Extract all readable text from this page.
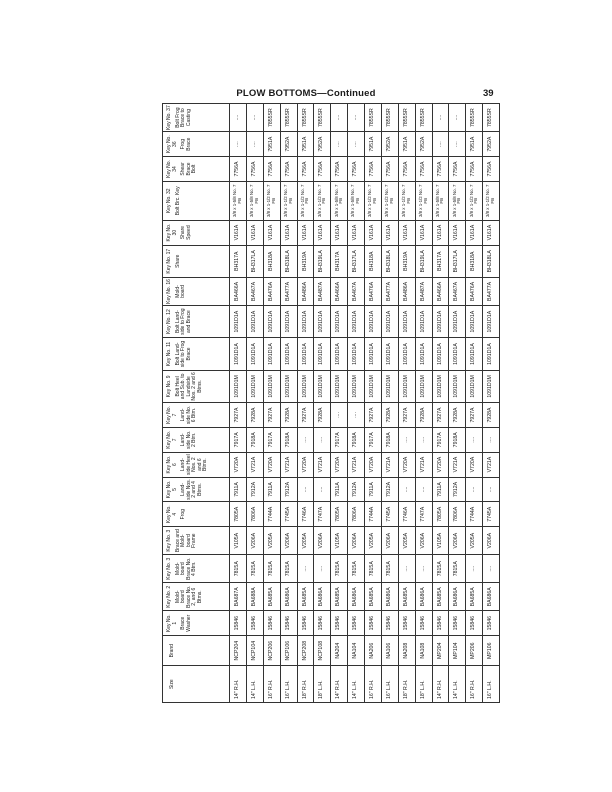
PLOW BOTTOMS—Continued	39
Size	Brand	Key No. 1 Brace Washer	Key No. 2 Mold-board Brace No. 2, and 6 Btms.	Key No. 3 Mold-board Brace No. 4 Btm.	Key No. 3 Brace and Mold-board Frame	Key No. 4 Frog	Key No. 5 Land-side Nos. 2 and 4 Btms.	Key No. 6 Land-side Heel Nos. 2 and 6 Btms.	Key No. 7 Land-side No. 2 Btm.	Key No. 7 Land-side No. 6 Btm.	Key No. 9 Bolt Heel and Sub. to Landside Nos. 2 and 6 Btms.	Key No. 11 Bolt Land-side to Frog Brace	Key No. 12 Bolt Land-side to Frog and Brace	Key No. 16 Mold-board	Key No. 17 Share	Key No. 30 Share Speed	Key No. 32 Bolt Brc. Key	Key No. 34 Shear Brace Bolt	Key No. 36 Frog Brace	Key No. 37 Bolt Frog Brace to Casting

14" R.H.	NCP204	15846	BA687A	7815A	V105A	7805A	7911A	V720A	7917A	7927A	1091D1M	1091D1A	1091D1A	BA466A	BH317A	V161A	3/8 x 1-5/8 No. 7 FB	7756A	....	....
14" L.H.	NCP104	15846	BA688A	7815A	V206A	7806A	7912A	V721A	7918A	7928A	1091D1M	1091D1A	1091D1A	BA467A	BH317LA	V161A	3/8 x 1-5/8 No. 7 FB	7756A	....	....
16" R.H.	NCP206	15846	BA685A	7815A	V205A	7744A	7911A	V720A	7917A	7927A	1091D1M	1091D1A	1091D1A	BA476A	BH318A	V161A	3/8 x 1-1/2 No. 7 FB	7756A	7951A	7855SR
16" L.H.	NCP106	15846	BA686A	7815A	V206A	7745A	7912A	V721A	7918A	7928A	1091D1M	1091D1A	1091D1A	BA477A	BH318LA	V161A	3/8 x 1-1/2 No. 7 FB	7756A	7952A	7855SR
18" R.H.	NCP208	15846	BA685A	....	V205A	7746A	....	V720A	....	7927A	1091D1M	1091D1A	1091D1A	BA486A	BH319A	V161A	3/8 x 1-1/2 No. 7 FB	7756A	7951A	7855SR
18" L.H.	NCP108	15846	BA686A	....	V206A	7747A	....	V721A	....	7928A	1091D1M	1091D1A	1091D1A	BA487A	BH319LA	V161A	3/8 x 1-1/2 No. 7 FB	7756A	7952A	7855SR
14" R.H.	NA204	15846	BA685A	7815A	V105A	7805A	7911A	V720A	7917A	....	1091D1M	1091D1A	1091D1A	BA466A	BH317A	V161A	3/8 x 1-5/8 No. 7 FB	7756A	....	....
14" L.H.	NA104	15846	BA686A	7815A	V206A	7806A	7912A	V721A	7918A	....	1091D1M	1091D1A	1091D1A	BA467A	BH317LA	V161A	3/8 x 1-5/8 No. 7 FB	7756A	....	....
16" R.H.	NA206	15846	BA685A	7815A	V205A	7744A	7911A	V720A	7917A	7927A	1091D1M	1091D1A	1091D1A	BA476A	BH318A	V161A	3/8 x 1-1/2 No. 7 FB	7756A	7951A	7855SR
16" L.H.	NA106	15846	BA686A	7815A	V206A	7745A	7912A	V721A	7918A	7928A	1091D1M	1091D1A	1091D1A	BA477A	BH318LA	V161A	3/8 x 1-1/2 No. 7 FB	7756A	7952A	7855SR
18" R.H.	NA208	15846	BA685A	....	V205A	7746A	....	V720A	....	7927A	1091D1M	1091D1A	1091D1A	BA486A	BH319A	V161A	3/8 x 1-1/2 No. 7 FB	7756A	7951A	7855SR
18" L.H.	NA108	15846	BA686A	....	V206A	7747A	....	V721A	....	7928A	1091D1M	1091D1A	1091D1A	BA487A	BH319LA	V161A	3/8 x 1-1/2 No. 7 FB	7756A	7952A	7855SR
14" R.H.	MP204	15846	BA685A	7815A	V105A	7805A	7911A	V720A	7917A	7927A	1091D1M	1091D1A	1091D1A	BA466A	BH317A	V161A	3/8 x 1-5/8 No. 7 FB	7756A	....	....
14" L.H.	MP104	15846	BA686A	7815A	V206A	7806A	7912A	V721A	7918A	7928A	1091D1M	1091D1A	1091D1A	BA467A	BH317LA	V161A	3/8 x 1-5/8 No. 7 FB	7756A	....	....
16" R.H.	MP206	15846	BA685A	....	V205A	7744A	....	V720A	....	7927A	1091D1M	1091D1A	1091D1A	BA476A	BH318A	V161A	3/8 x 1-1/2 No. 7 FB	7756A	7951A	7855SR
16" L.H.	MP106	15846	BA686A	....	V206A	7745A	....	V721A	....	7928A	1091D1M	1091D1A	1091D1A	BA477A	BH318LA	V161A	3/8 x 1-1/2 No. 7 FB	7756A	7952A	7855SR
